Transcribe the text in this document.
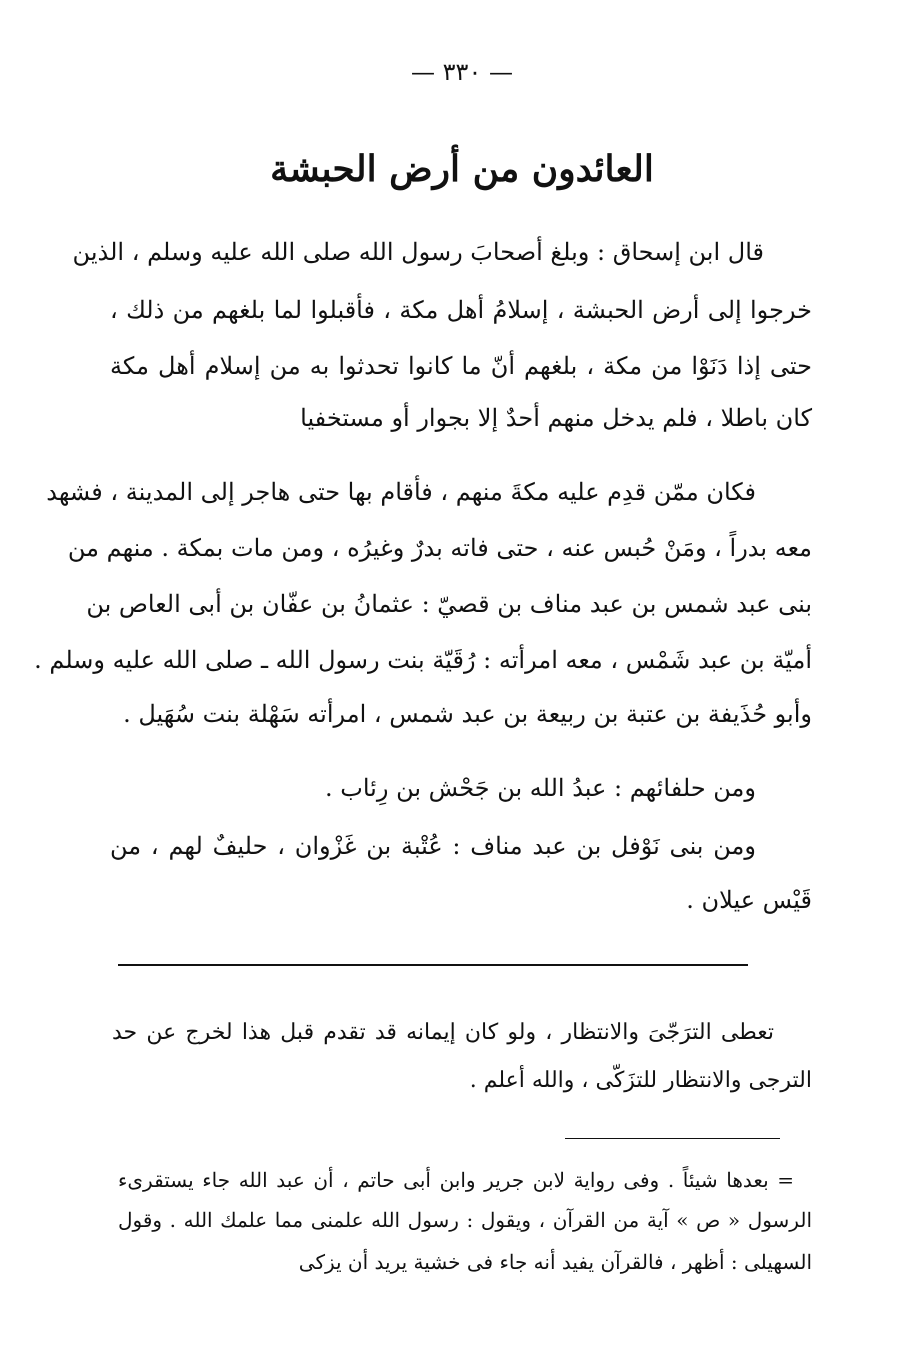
— ٣٣٠ —
العائدون من أرض الحبشة
قال ابن إسحاق : وبلغ أصحابَ رسول الله صلى الله عليه وسلم ، الذين
خرجوا إلى أرض الحبشة ، إسلامُ أهل مكة ، فأقبلوا لما بلغهم من ذلك ،
حتى إذا دَنَوْا من مكة ، بلغهم أنّ ما كانوا تحدثوا به من إسلام أهل مكة
كان باطلا ، فلم يدخل منهم أحدٌ إلا بجوار أو مستخفيا
فكان ممّن قدِم عليه مكةَ منهم ، فأقام بها حتى هاجر إلى المدينة ، فشهد
معه بدراً ، ومَنْ حُبس عنه ، حتى فاته بدرٌ وغيرُه ، ومن مات بمكة . منهم من
بنى عبد شمس بن عبد مناف بن قصيّ : عثمانُ بن عفّان بن أبى العاص بن
أميّة بن عبد شَمْس ، معه امرأته : رُقَيّة بنت رسول الله ـ صلى الله عليه وسلم .
وأبو حُذَيفة بن عتبة بن ربيعة بن عبد شمس ، امرأته سَهْلة بنت سُهَيل .
ومن حلفائهم : عبدُ الله بن جَحْش بن رِئاب .
ومن بنى نَوْفل بن عبد مناف : عُتْبة بن غَزْوان ، حليفٌ لهم ، من
قَيْس عيلان .
تعطى الترَجّىَ والانتظار ، ولو كان إيمانه قد تقدم قبل هذا لخرج عن حد
الترجى والانتظار للتزَكّى ، والله أعلم .
= بعدها شيئاً . وفى رواية لابن جرير وابن أبى حاتم ، أن عبد الله جاء يستقرىء
الرسول « ص » آية من القرآن ، ويقول : رسول الله علمنى مما علمك الله . وقول
السهيلى : أظهر ، فالقرآن يفيد أنه جاء فى خشية يريد أن يزكى
